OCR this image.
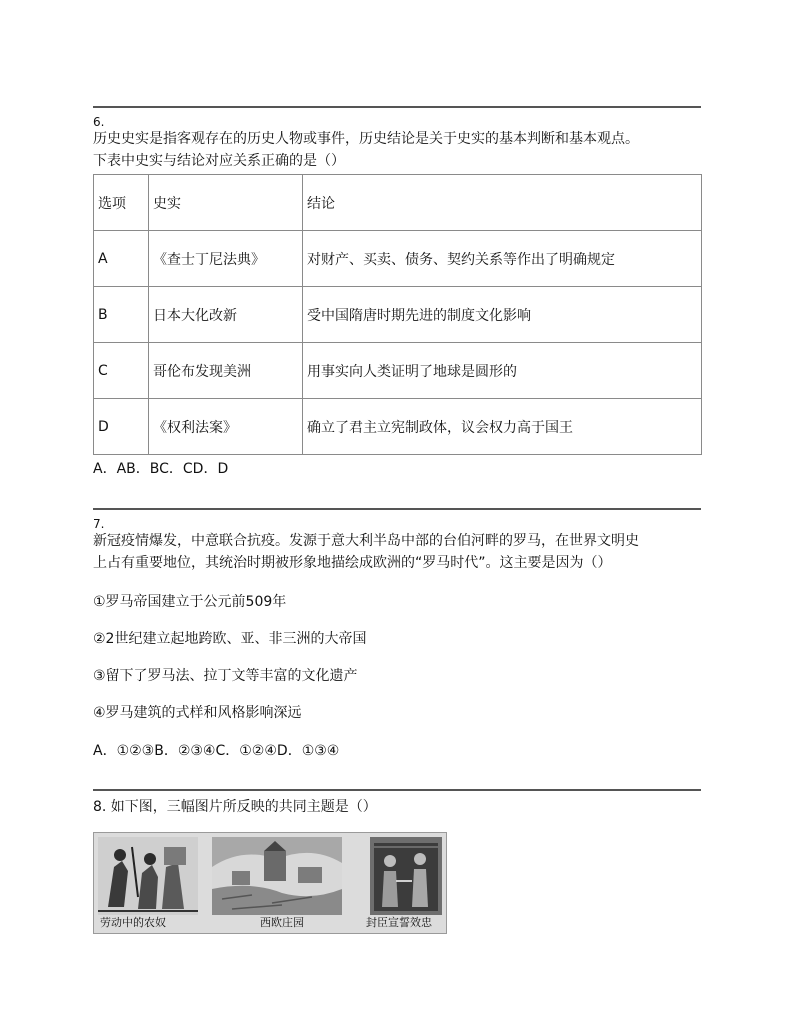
6.
历史史实是指客观存在的历史人物或事件，历史结论是关于史实的基本判断和基本观点。
下表中史实与结论对应关系正确的是（）
选项	史实	结论
A	《查士丁尼法典》	对财产、买卖、债务、契约关系等作出了明确规定
B	日本大化改新	受中国隋唐时期先进的制度文化影响
C	哥伦布发现美洲	用事实向人类证明了地球是圆形的
D	《权利法案》	确立了君主立宪制政体，议会权力高于国王
A．AB．BC．CD．D
7.
新冠疫情爆发，中意联合抗疫。发源于意大利半岛中部的台伯河畔的罗马，在世界文明史
上占有重要地位，其统治时期被形象地描绘成欧洲的“罗马时代”。这主要是因为（）
①罗马帝国建立于公元前509年
②2世纪建立起地跨欧、亚、非三洲的大帝国
③留下了罗马法、拉丁文等丰富的文化遗产
④罗马建筑的式样和风格影响深远
A．①②③B．②③④C．①②④D．①③④
8. 如下图，三幅图片所反映的共同主题是（）
劳动中的农奴	西欧庄园	封臣宣誓效忠
